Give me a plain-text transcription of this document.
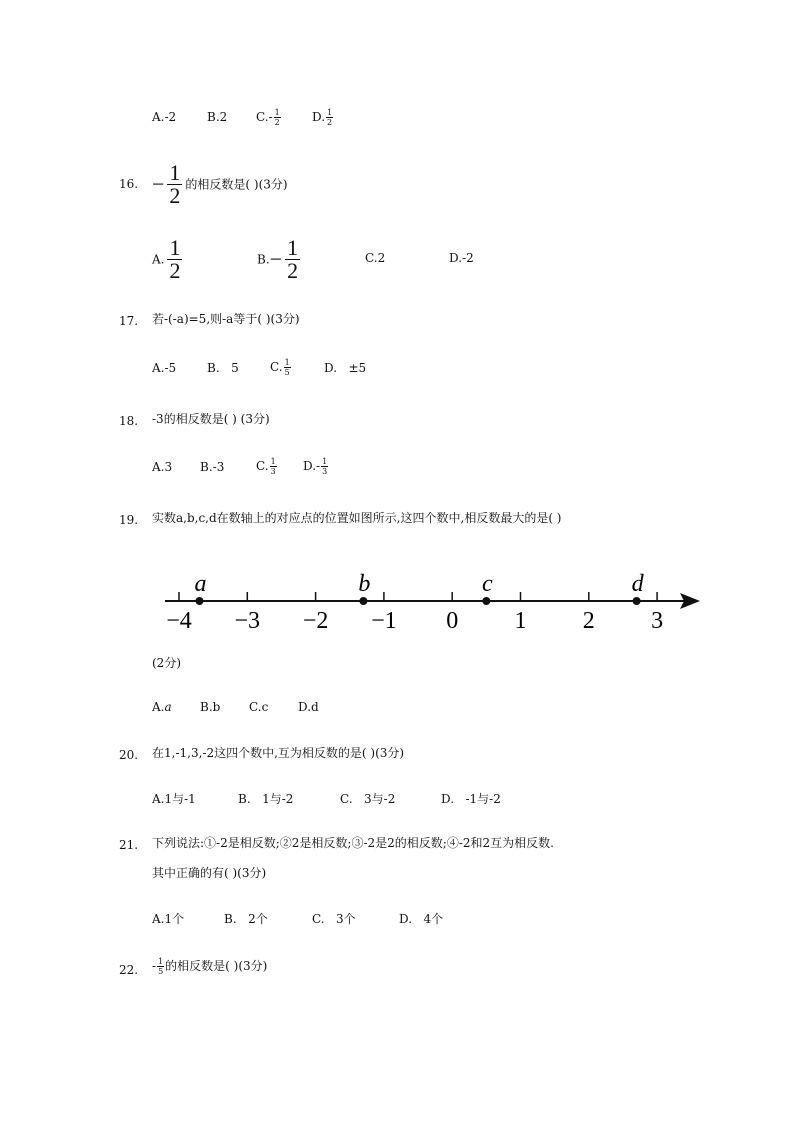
A.-2	B.2 $C.- \frac{1}{2}$	D. $\frac{1}{2}$
16. − $\frac{1}{2}$ 的相反数是( )(3分)
A. $\frac{1}{2}$	$B.- \frac{1}{2}$	C.2	D.-2
17.	若-(-a)=5,则-a等于( )(3分)
A.-5	B. 5	C. $\frac{1}{5}$	D. ±5
18.	-3的相反数是( ) (3分)
A.3 B.-3	C. $\frac{1}{3} D.- \frac{1}{3}$
19.	实数a,b,c,d在数轴上的对应点的位置如图所示,这四个数中,相反数最大的是( )
−4 −3 −2 −1 0 1 2 3
a	b	c	d
(2分)
A.a B.b C.c D.d
20.	在1,-1,3,-2这四个数中,互为相反数的是( )(3分)
A.1与-1	B. 1与-2	C. 3与-2	D. -1与-2
21.	下列说法:①-2是相反数;②2是相反数;③-2是2的相反数;④-2和2互为相反数.
其中正确的有( )(3分)
A.1个	B. 2个	C. 3个	D. 4个
22.	- $\frac{1}{5}$ 的相反数是( )(3分)
